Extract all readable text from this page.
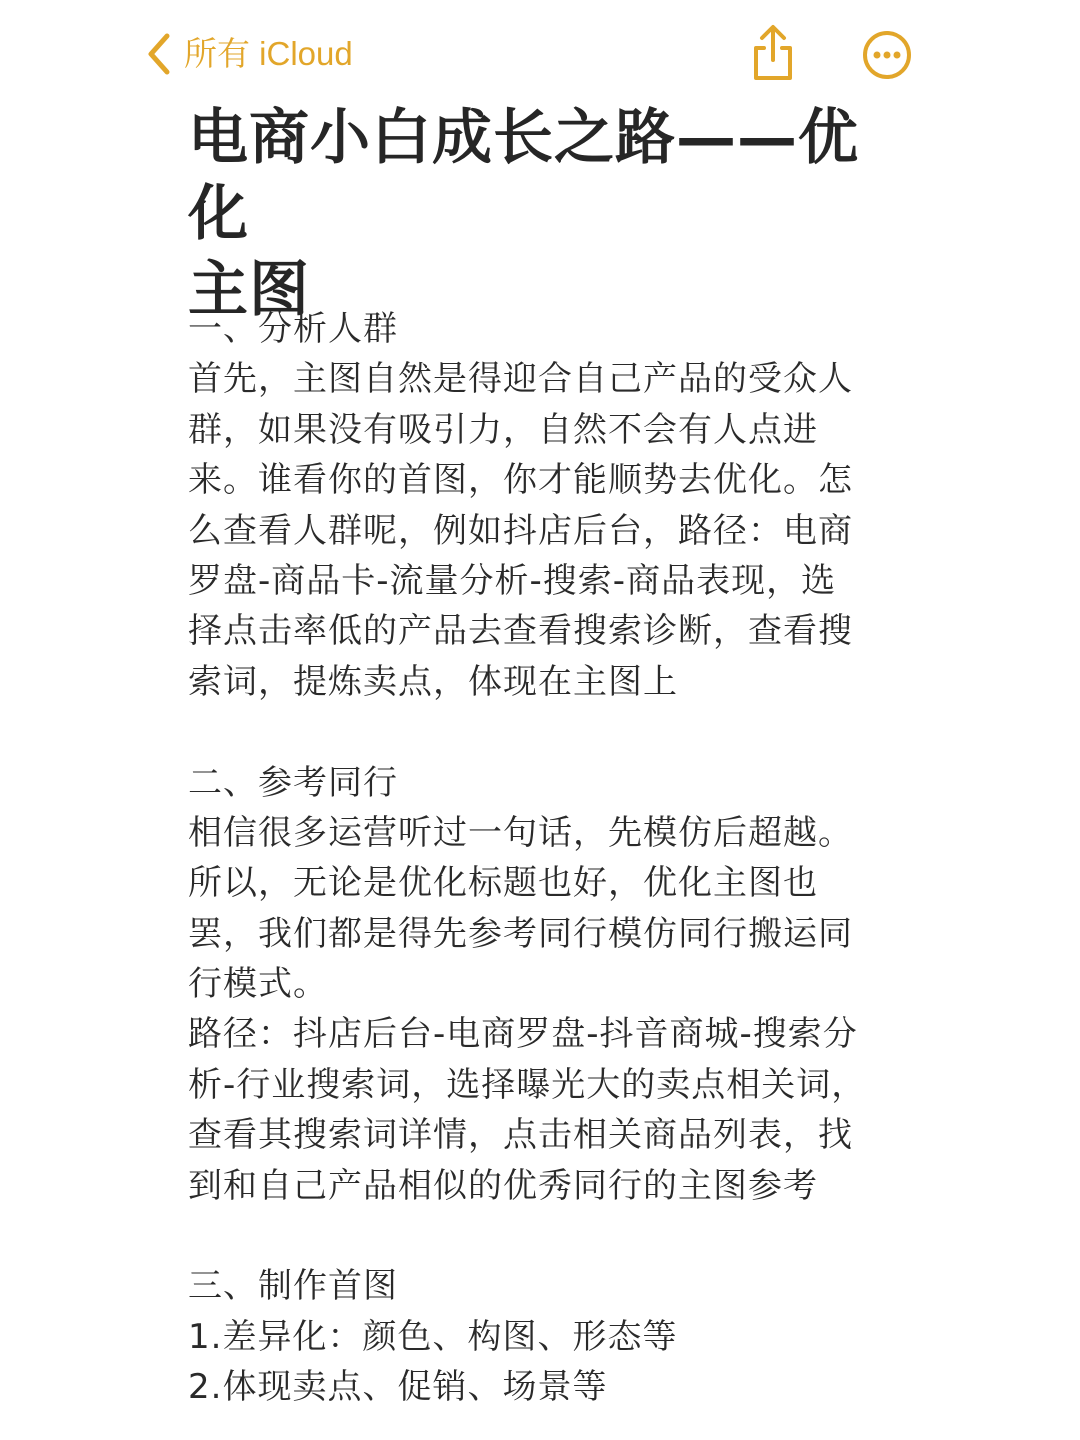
所有 iCloud
电商小白成长之路——优化
主图
一、分析人群
首先，主图自然是得迎合自己产品的受众人
群，如果没有吸引力，自然不会有人点进
来。谁看你的首图，你才能顺势去优化。怎
么查看人群呢，例如抖店后台，路径：电商
罗盘-商品卡-流量分析-搜索-商品表现，选
择点击率低的产品去查看搜索诊断，查看搜
索词，提炼卖点，体现在主图上
二、参考同行
相信很多运营听过一句话，先模仿后超越。
所以，无论是优化标题也好，优化主图也
罢，我们都是得先参考同行模仿同行搬运同
行模式。
路径：抖店后台-电商罗盘-抖音商城-搜索分
析-行业搜索词，选择曝光大的卖点相关词，
查看其搜索词详情，点击相关商品列表，找
到和自己产品相似的优秀同行的主图参考
三、制作首图
1.差异化：颜色、构图、形态等
2.体现卖点、促销、场景等
